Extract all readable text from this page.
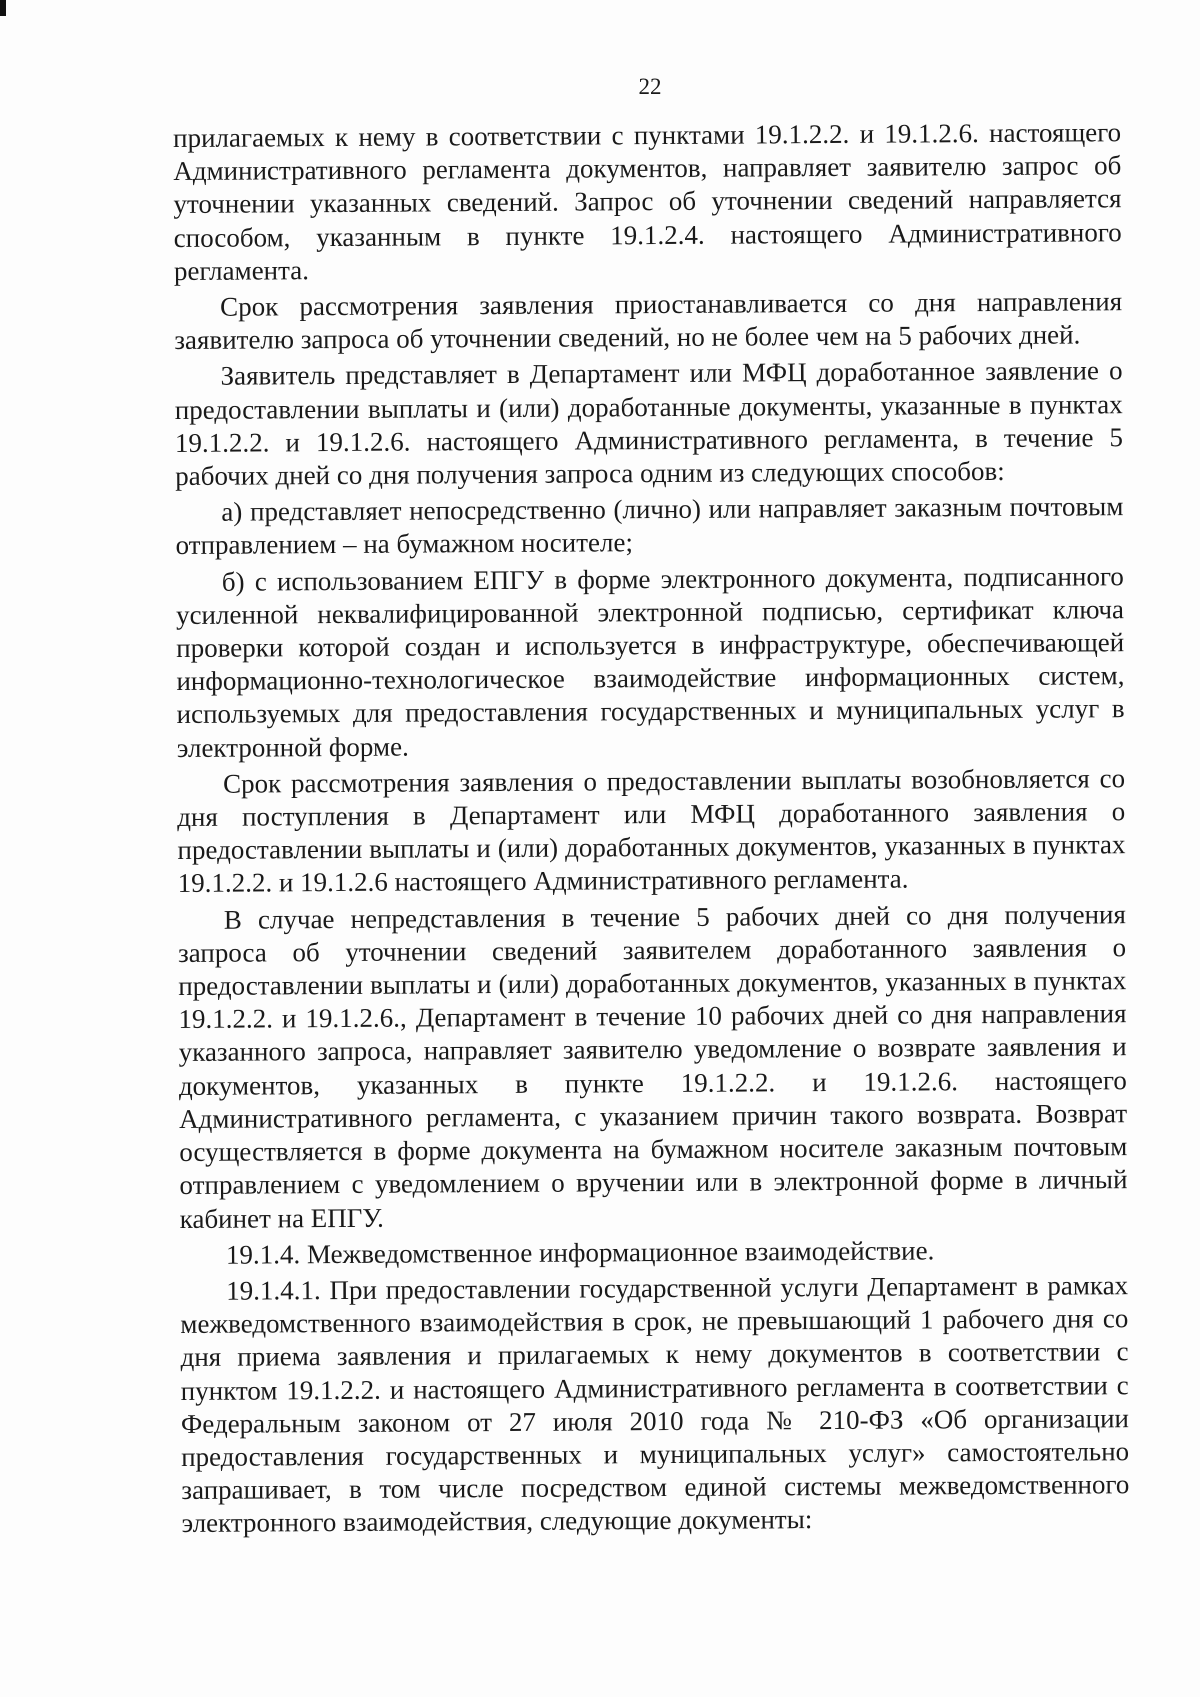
22

прилагаемых к нему в соответствии с пунктами 19.1.2.2. и 19.1.2.6. настоящего Административного регламента документов, направляет заявителю запрос об уточнении указанных сведений. Запрос об уточнении сведений направляется способом, указанным в пункте 19.1.2.4. настоящего Административного регламента.

Срок рассмотрения заявления приостанавливается со дня направления заявителю запроса об уточнении сведений, но не более чем на 5 рабочих дней.

Заявитель представляет в Департамент или МФЦ доработанное заявление о предоставлении выплаты и (или) доработанные документы, указанные в пунктах 19.1.2.2. и 19.1.2.6. настоящего Административного регламента, в течение 5 рабочих дней со дня получения запроса одним из следующих способов:

а) представляет непосредственно (лично) или направляет заказным почтовым отправлением – на бумажном носителе;

б) с использованием ЕПГУ в форме электронного документа, подписанного усиленной неквалифицированной электронной подписью, сертификат ключа проверки которой создан и используется в инфраструктуре, обеспечивающей информационно-технологическое взаимодействие информационных систем, используемых для предоставления государственных и муниципальных услуг в электронной форме.

Срок рассмотрения заявления о предоставлении выплаты возобновляется со дня поступления в Департамент или МФЦ доработанного заявления о предоставлении выплаты и (или) доработанных документов, указанных в пунктах 19.1.2.2. и 19.1.2.6 настоящего Административного регламента.

В случае непредставления в течение 5 рабочих дней со дня получения запроса об уточнении сведений заявителем доработанного заявления о предоставлении выплаты и (или) доработанных документов, указанных в пунктах 19.1.2.2. и 19.1.2.6., Департамент в течение 10 рабочих дней со дня направления указанного запроса, направляет заявителю уведомление о возврате заявления и документов, указанных в пункте 19.1.2.2. и 19.1.2.6. настоящего Административного регламента, с указанием причин такого возврата. Возврат осуществляется в форме документа на бумажном носителе заказным почтовым отправлением с уведомлением о вручении или в электронной форме в личный кабинет на ЕПГУ.

19.1.4. Межведомственное информационное взаимодействие.

19.1.4.1. При предоставлении государственной услуги Департамент в рамках межведомственного взаимодействия в срок, не превышающий 1 рабочего дня со дня приема заявления и прилагаемых к нему документов в соответствии с пунктом 19.1.2.2. и настоящего Административного регламента в соответствии с Федеральным законом от 27 июля 2010 года № 210-ФЗ «Об организации предоставления государственных и муниципальных услуг» самостоятельно запрашивает, в том числе посредством единой системы межведомственного электронного взаимодействия, следующие документы:
